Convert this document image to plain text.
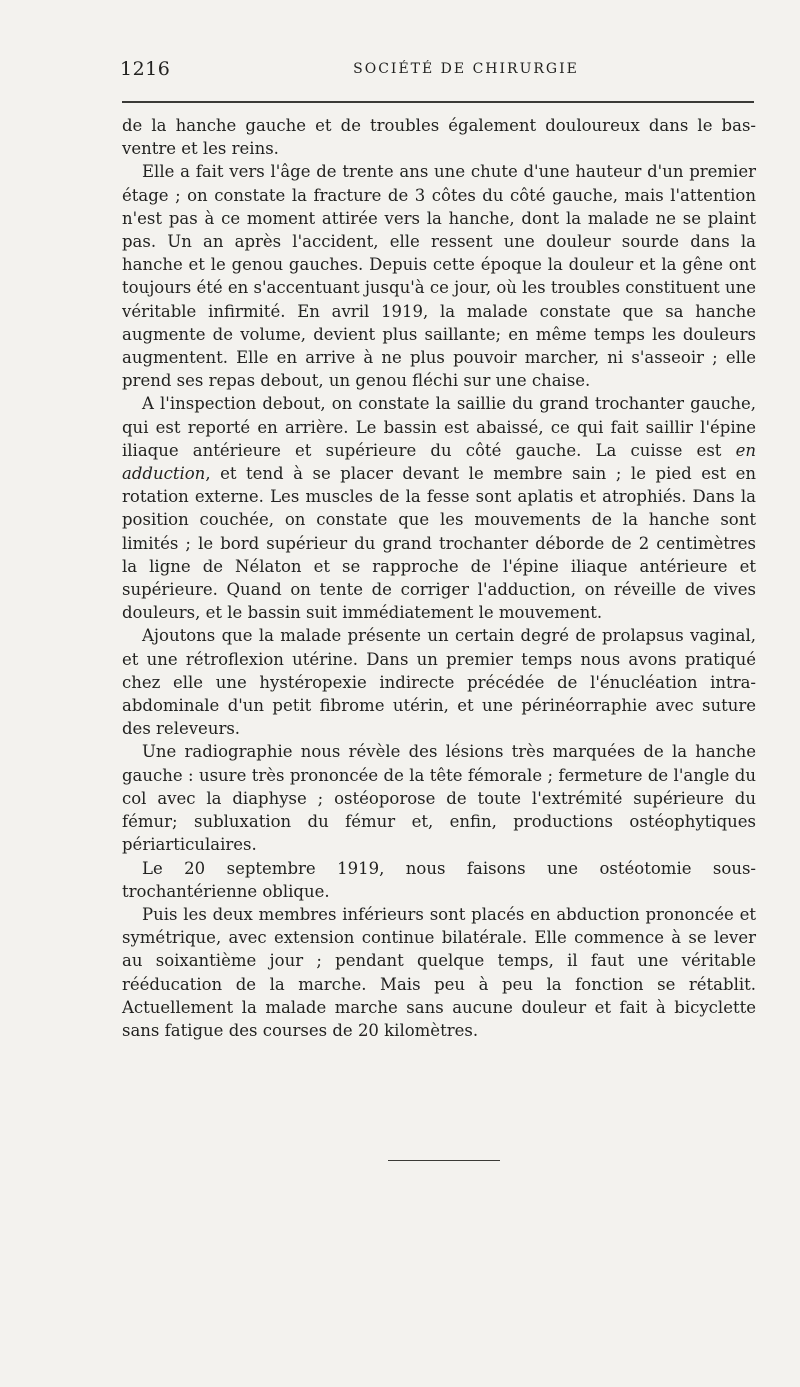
1216	SOCIÉTÉ DE CHIRURGIE

de la hanche gauche et de troubles également douloureux dans le bas-ventre et les reins.

Elle a fait vers l'âge de trente ans une chute d'une hauteur d'un premier étage ; on constate la fracture de 3 côtes du côté gauche, mais l'attention n'est pas à ce moment attirée vers la hanche, dont la malade ne se plaint pas. Un an après l'accident, elle ressent une douleur sourde dans la hanche et le genou gauches. Depuis cette époque la douleur et la gêne ont toujours été en s'accentuant jusqu'à ce jour, où les troubles constituent une véritable infirmité. En avril 1919, la malade constate que sa hanche augmente de volume, devient plus saillante; en même temps les douleurs augmentent. Elle en arrive à ne plus pouvoir marcher, ni s'asseoir ; elle prend ses repas debout, un genou fléchi sur une chaise.

A l'inspection debout, on constate la saillie du grand trochanter gauche, qui est reporté en arrière. Le bassin est abaissé, ce qui fait saillir l'épine iliaque antérieure et supérieure du côté gauche. La cuisse est en adduction, et tend à se placer devant le membre sain ; le pied est en rotation externe. Les muscles de la fesse sont aplatis et atrophiés. Dans la position couchée, on constate que les mouvements de la hanche sont limités ; le bord supérieur du grand trochanter déborde de 2 centimètres la ligne de Nélaton et se rapproche de l'épine iliaque antérieure et supérieure. Quand on tente de corriger l'adduction, on réveille de vives douleurs, et le bassin suit immédiatement le mouvement.

Ajoutons que la malade présente un certain degré de prolapsus vaginal, et une rétroflexion utérine. Dans un premier temps nous avons pratiqué chez elle une hystéropexie indirecte précédée de l'énucléation intra-abdominale d'un petit fibrome utérin, et une périnéorraphie avec suture des releveurs.

Une radiographie nous révèle des lésions très marquées de la hanche gauche : usure très prononcée de la tête fémorale ; fermeture de l'angle du col avec la diaphyse ; ostéoporose de toute l'extrémité supérieure du fémur; subluxation du fémur et, enfin, productions ostéophytiques périarticulaires.

Le 20 septembre 1919, nous faisons une ostéotomie sous-trochantérienne oblique.

Puis les deux membres inférieurs sont placés en abduction prononcée et symétrique, avec extension continue bilatérale. Elle commence à se lever au soixantième jour ; pendant quelque temps, il faut une véritable rééducation de la marche. Mais peu à peu la fonction se rétablit. Actuellement la malade marche sans aucune douleur et fait à bicyclette sans fatigue des courses de 20 kilomètres.
